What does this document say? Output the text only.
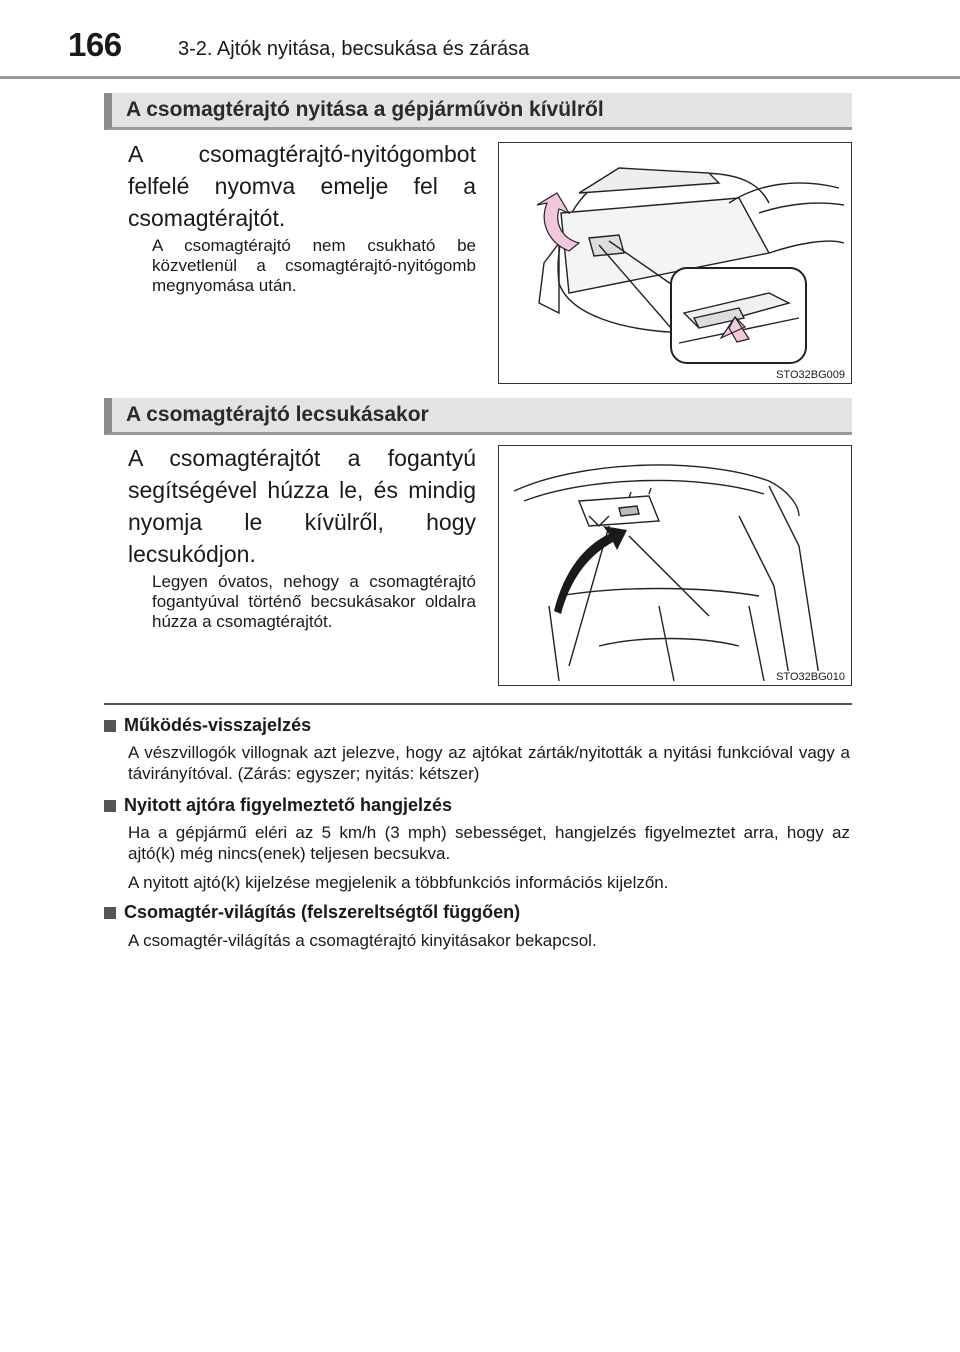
166	3-2. Ajtók nyitása, becsukása és zárása
A csomagtérajtó nyitása a gépjárművön kívülről
A csomagtérajtó-nyitógombot felfelé nyomva emelje fel a csomagtérajtót.
A csomagtérajtó nem csukható be közvetlenül a csomagtérajtó-nyitógomb megnyomása után.
STO32BG009
A csomagtérajtó lecsukásakor
A csomagtérajtót a fogantyú segítségével húzza le, és mindig nyomja le kívülről, hogy lecsukódjon.
Legyen óvatos, nehogy a csomagtérajtó fogantyúval történő becsukásakor oldalra húzza a csomagtérajtót.
STO32BG010
Működés-visszajelzés
A vészvillogók villognak azt jelezve, hogy az ajtókat zárták/nyitották a nyitási funkcióval vagy a távirányítóval. (Zárás: egyszer; nyitás: kétszer)
Nyitott ajtóra figyelmeztető hangjelzés
Ha a gépjármű eléri az 5 km/h (3 mph) sebességet, hangjelzés figyelmeztet arra, hogy az ajtó(k) még nincs(enek) teljesen becsukva.
A nyitott ajtó(k) kijelzése megjelenik a többfunkciós információs kijelzőn.
Csomagtér-világítás (felszereltségtől függően)
A csomagtér-világítás a csomagtérajtó kinyitásakor bekapcsol.
